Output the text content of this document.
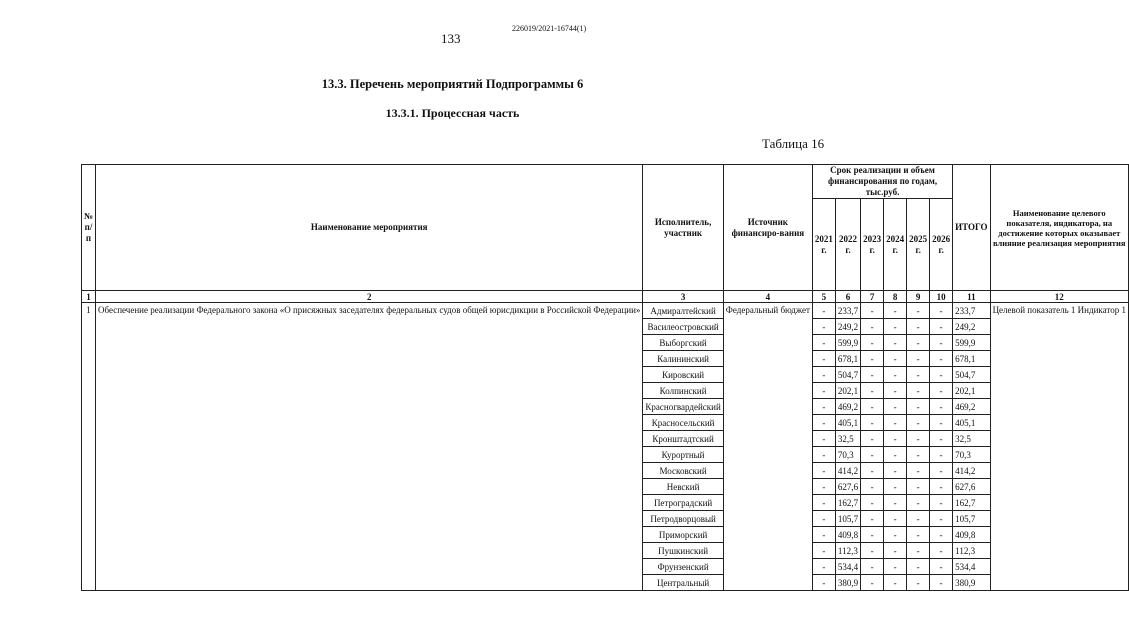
226019/2021-16744(1)
133
13.3. Перечень мероприятий Подпрограммы 6
13.3.1. Процессная часть
Таблица 16
№ п/п	Наименование мероприятия	Исполнитель, участник	Источник финансиро-вания	Срок реализации и объем финансирования по годам, тыс.руб.						ИТОГО	Наименование целевого показателя, индикатора, на достижение которых оказывает влияние реализация мероприятия
				2021 г.	2022 г.	2023 г.	2024 г.	2025 г.	2026 г.		
1	2	3	4	5	6	7	8	9	10	11	12
1	Обеспечение реализации Федерального закона «О присяжных заседателях федеральных судов общей юрисдикции в Российской Федерации»	Адмиралтейский	Федеральный бюджет	-	233,7	-	-	-	-	233,7	Целевой показатель 1 Индикатор 1
		Василеостровский		-	249,2	-	-	-	-	249,2	
		Выборгский		-	599,9	-	-	-	-	599,9	
		Калининский		-	678,1	-	-	-	-	678,1	
		Кировский		-	504,7	-	-	-	-	504,7	
		Колпинский		-	202,1	-	-	-	-	202,1	
		Красногвардейский		-	469,2	-	-	-	-	469,2	
		Красносельский		-	405,1	-	-	-	-	405,1	
		Кронштадтский		-	32,5	-	-	-	-	32,5	
		Курортный		-	70,3	-	-	-	-	70,3	
		Московский		-	414,2	-	-	-	-	414,2	
		Невский		-	627,6	-	-	-	-	627,6	
		Петроградский		-	162,7	-	-	-	-	162,7	
		Петродворцовый		-	105,7	-	-	-	-	105,7	
		Приморский		-	409,8	-	-	-	-	409,8	
		Пушкинский		-	112,3	-	-	-	-	112,3	
		Фрунзенский		-	534,4	-	-	-	-	534,4	
		Центральный		-	380,9	-	-	-	-	380,9	
